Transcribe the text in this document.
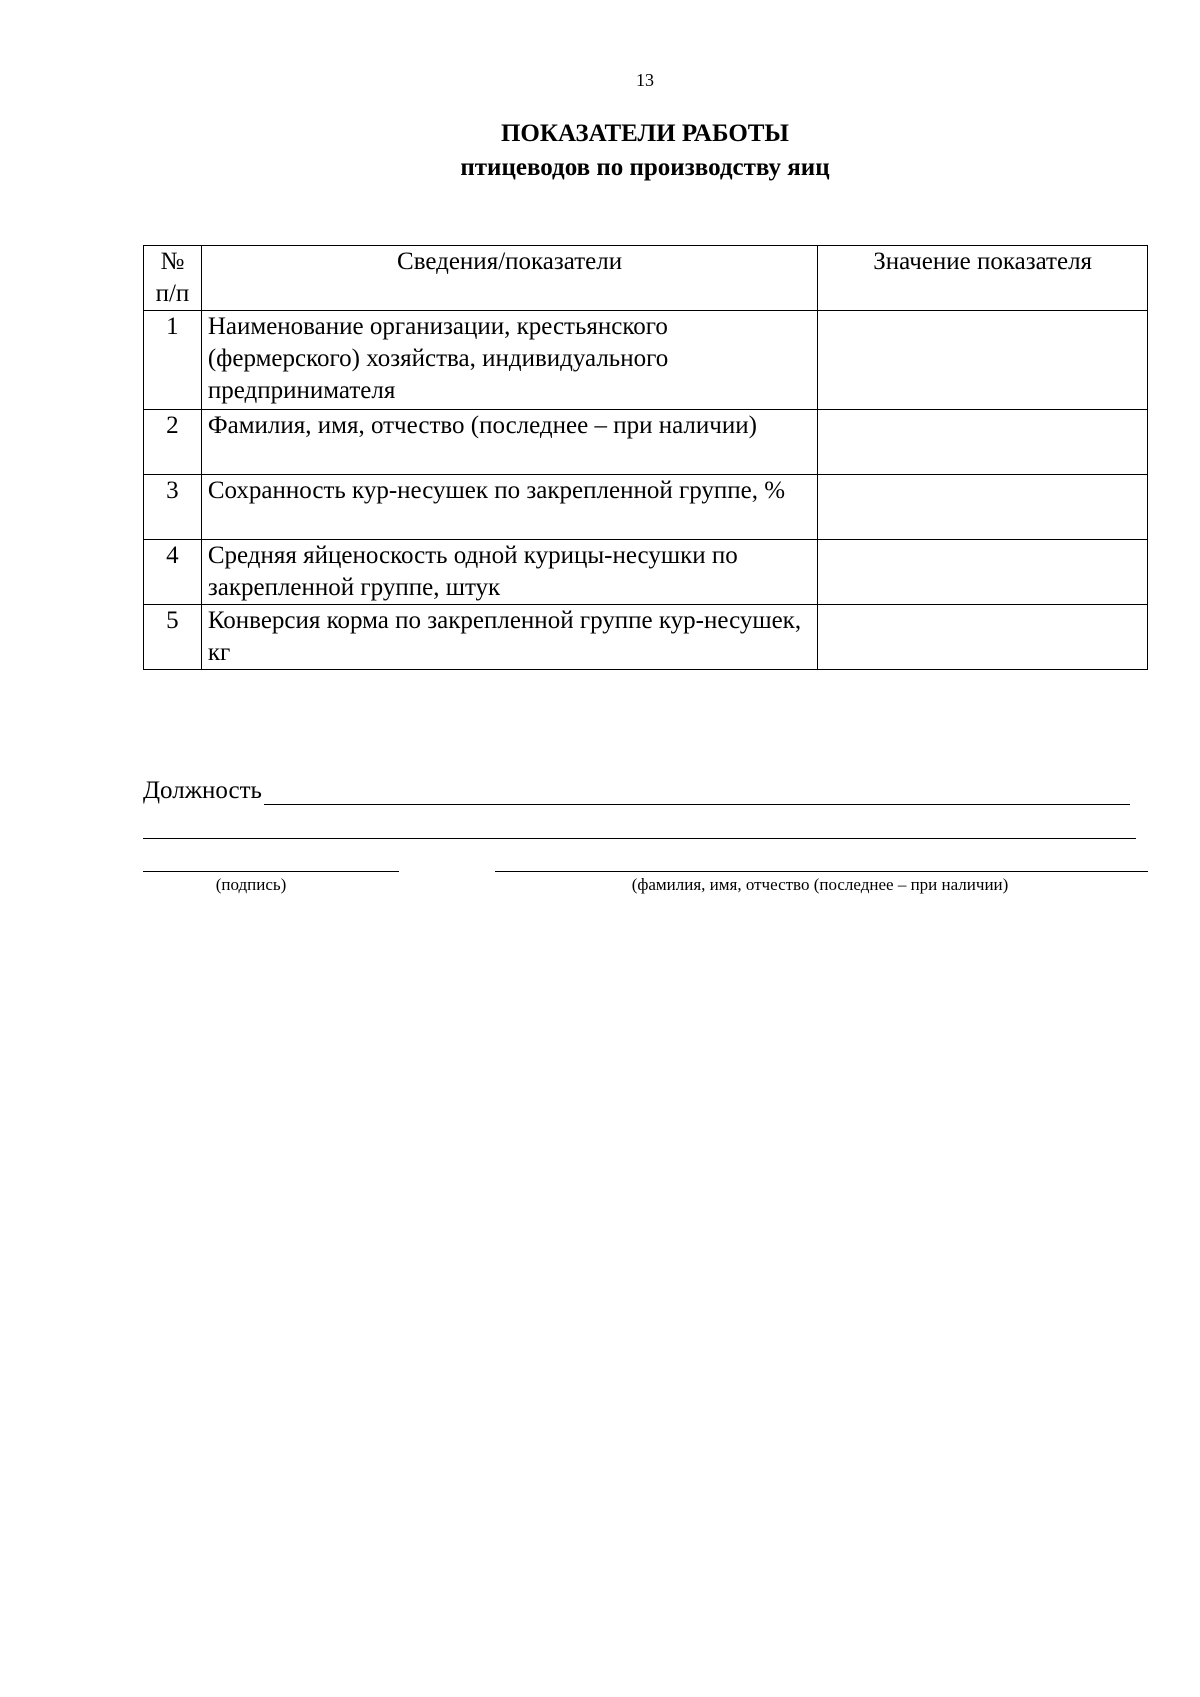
13
ПОКАЗАТЕЛИ РАБОТЫ
птицеводов по производству яиц
№ п/п	Сведения/показатели	Значение показателя
1	Наименование организации, крестьянского (фермерского) хозяйства, индивидуального предпринимателя	
2	Фамилия, имя, отчество (последнее – при наличии)	
3	Сохранность кур-несушек по закрепленной группе, %	
4	Средняя яйценоскость одной курицы-несушки по закрепленной группе, штук	
5	Конверсия корма по закрепленной группе кур-несушек, кг	
Должность
(подпись)	(фамилия, имя, отчество (последнее – при наличии)
